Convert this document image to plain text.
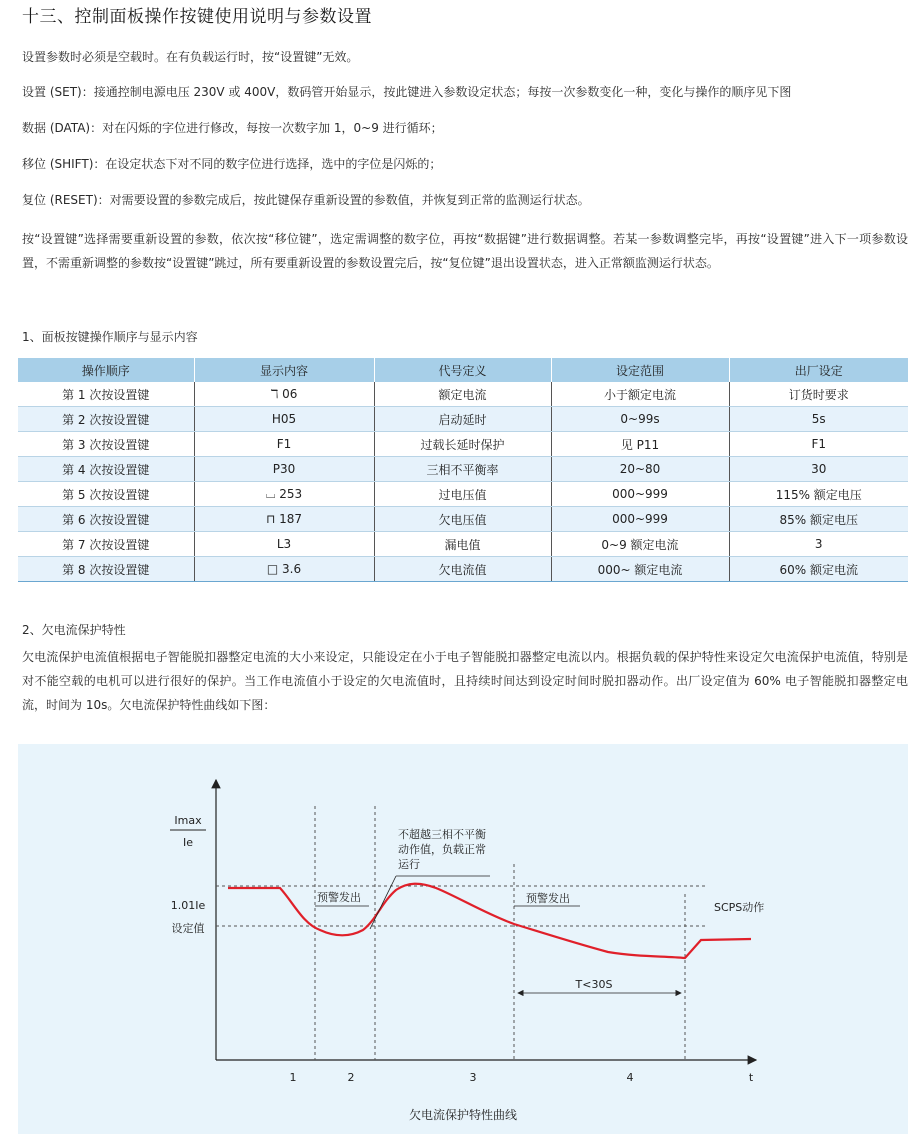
十三、控制面板操作按键使用说明与参数设置
设置参数时必须是空载时。在有负载运行时，按“设置键”无效。
设置 (SET)：接通控制电源电压 230V 或 400V，数码管开始显示，按此键进入参数设定状态；每按一次参数变化一种，变化与操作的顺序见下图
数据 (DATA)：对在闪烁的字位进行修改，每按一次数字加 1，0~9 进行循环；
移位 (SHIFT)：在设定状态下对不同的数字位进行选择，选中的字位是闪烁的；
复位 (RESET)：对需要设置的参数完成后，按此键保存重新设置的参数值，并恢复到正常的监测运行状态。
按“设置键”选择需要重新设置的参数，依次按“移位键”，选定需调整的数字位，再按“数据键”进行数据调整。若某一参数调整完毕，再按“设置键”进入下一项参数设置，不需重新调整的参数按“设置键”跳过，所有要重新设置的参数设置完后，按“复位键”退出设置状态，进入正常额监测运行状态。
1、面板按键操作顺序与显示内容
操作顺序	显示内容	代号定义	设定范围	出厂设定
第 1 次按设置键	ℸ 06	额定电流	小于额定电流	订货时要求
第 2 次按设置键	H05	启动延时	0~99s	5s
第 3 次按设置键	F1	过载长延时保护	见 P11	F1
第 4 次按设置键	P30	三相不平衡率	20~80	30
第 5 次按设置键	⌴ 253	过电压值	000~999	115% 额定电压
第 6 次按设置键	⊓ 187	欠电压值	000~999	85% 额定电压
第 7 次按设置键	L3	漏电值	0~9 额定电流	3
第 8 次按设置键	□ 3.6	欠电流值	000~ 额定电流	60% 额定电流
2、欠电流保护特性
欠电流保护电流值根据电子智能脱扣器整定电流的大小来设定，只能设定在小于电子智能脱扣器整定电流以内。根据负载的保护特性来设定欠电流保护电流值，特别是对不能空载的电机可以进行很好的保护。当工作电流值小于设定的欠电流值时，且持续时间达到设定时间时脱扣器动作。出厂设定值为 60% 电子智能脱扣器整定电流，时间为 10s。欠电流保护特性曲线如下图：
Imax
Ie
1.01Ie
设定值
预警发出
不超越三相不平衡
动作值，负载正常
运行
预警发出
SCPS动作
T<30S
1	2	3	4	t
欠电流保护特性曲线
